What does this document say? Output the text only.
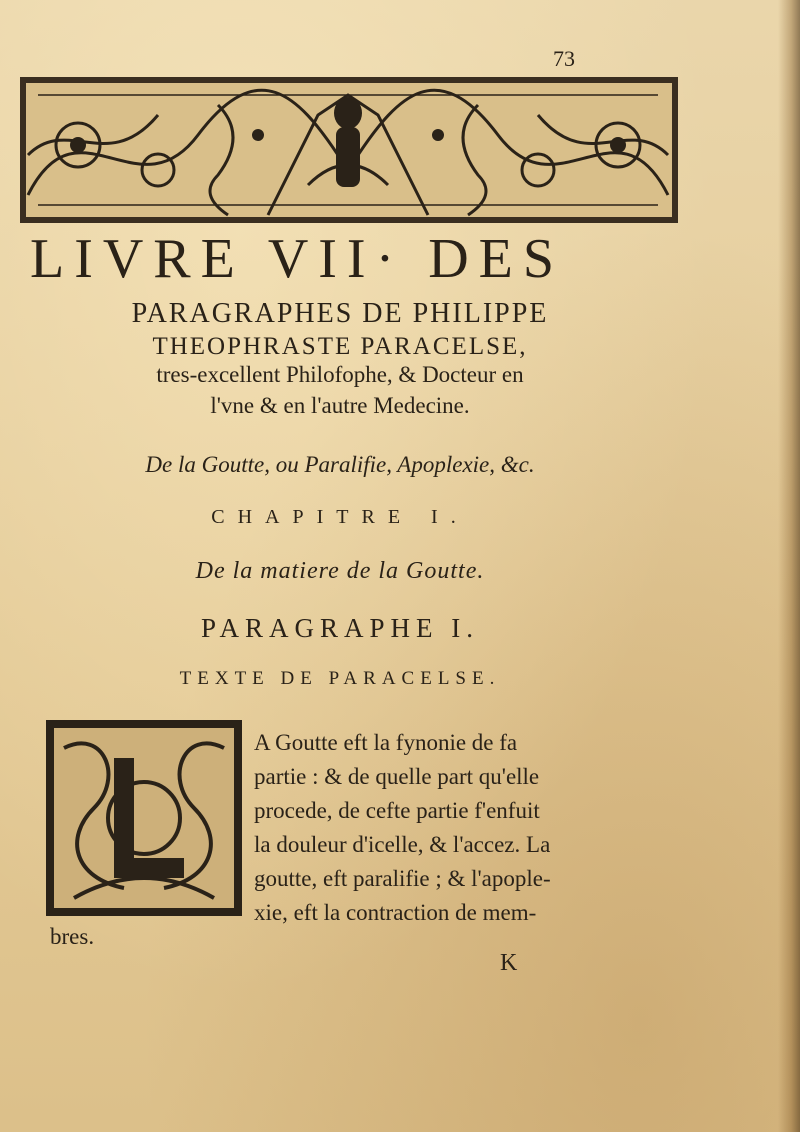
73
LIVRE VII· DES
PARAGRAPHES DE PHILIPPE
THEOPHRASTE PARACELSE,
tres-excellent Philofophe, & Docteur en
l'vne & en l'autre Medecine.
De la Goutte, ou Paralifie, Apoplexie, &c.
CHAPITRE I.
De la matiere de la Goutte.
PARAGRAPHE I.
TEXTE DE PARACELSE.
A Goutte eft la fynonie de fa
partie : & de quelle part qu'elle
procede, de cefte partie f'enfuit
la douleur d'icelle, & l'accez. La
goutte, eft paralifie ; & l'apople-
xie, eft la contraction de mem-
bres.
K
